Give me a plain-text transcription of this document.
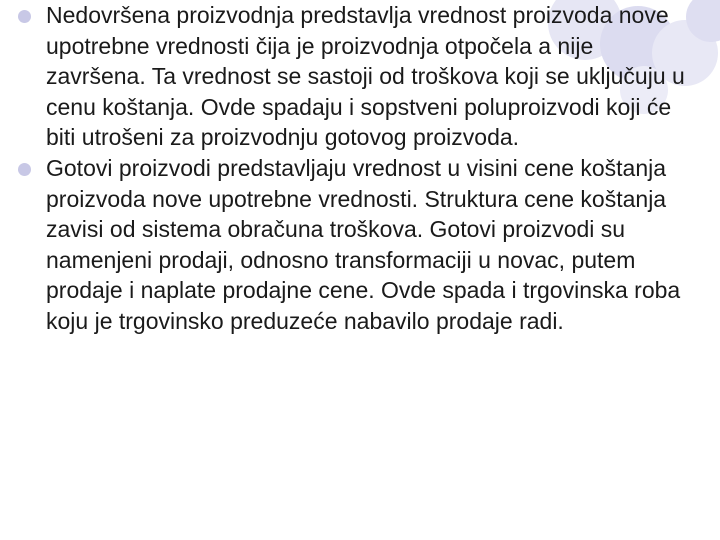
Nedovršena proizvodnja predstavlja vrednost proizvoda nove upotrebne vrednosti čija je proizvodnja otpočela a nije završena. Ta vrednost se sastoji od troškova koji se uključuju u cenu koštanja. Ovde spadaju i sopstveni poluproizvodi koji će biti utrošeni za proizvodnju gotovog proizvoda.
Gotovi proizvodi predstavljaju vrednost u visini cene koštanja proizvoda nove upotrebne vrednosti. Struktura cene koštanja zavisi od sistema obračuna troškova. Gotovi proizvodi su namenjeni prodaji, odnosno transformaciji u novac, putem prodaje i naplate prodajne cene. Ovde spada i trgovinska roba koju je trgovinsko preduzeće nabavilo prodaje radi.
